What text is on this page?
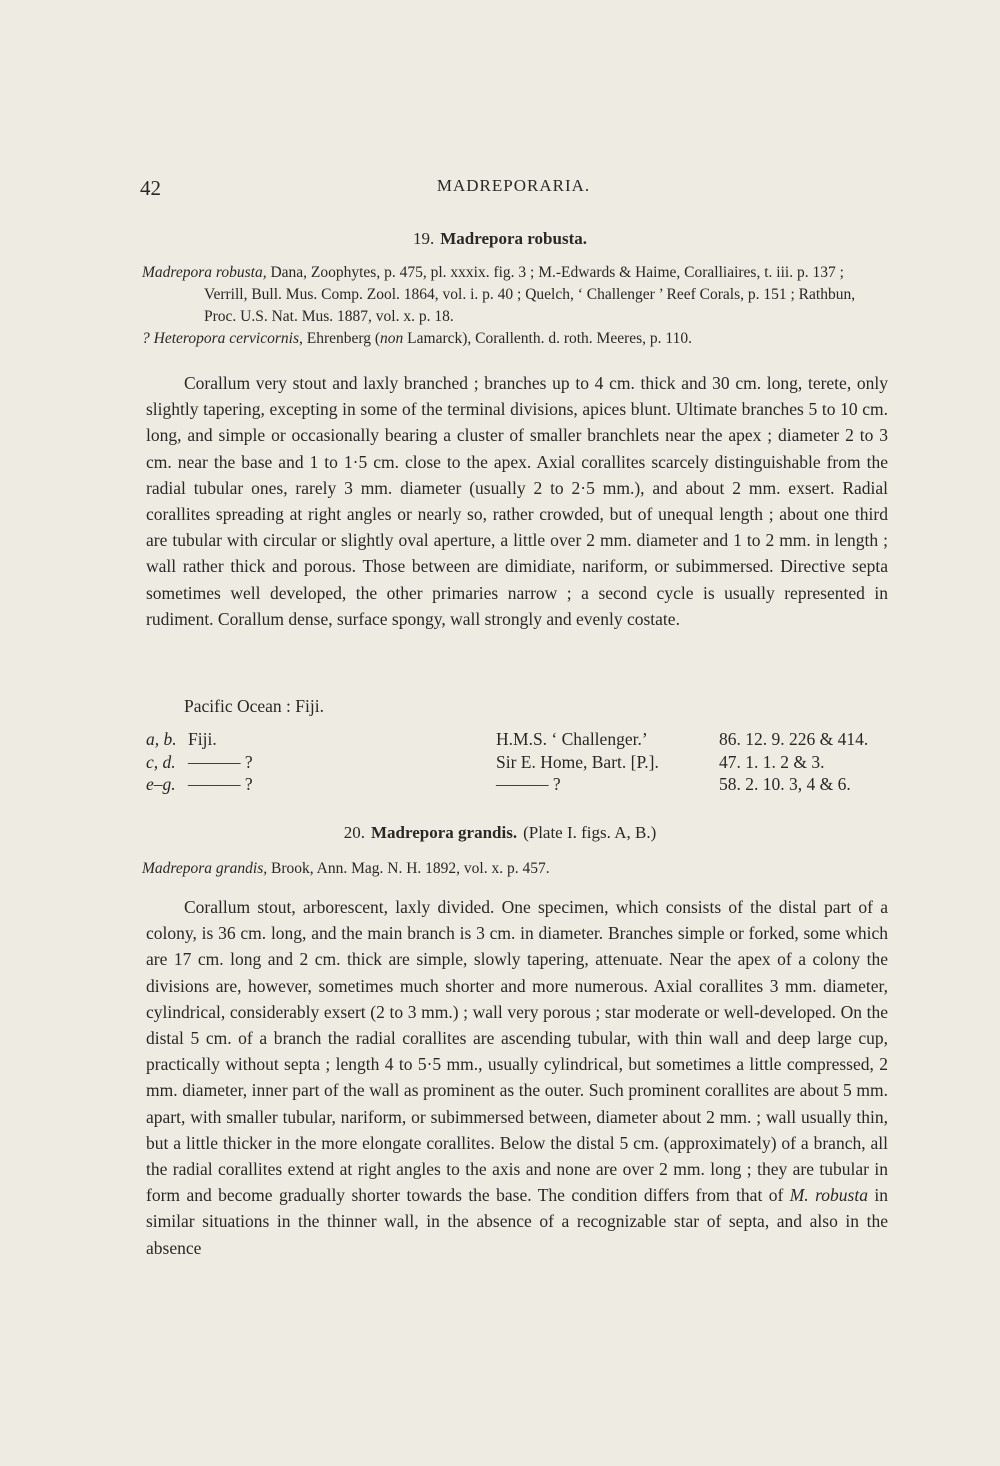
42	MADREPORARIA.
19. Madrepora robusta.

Madrepora robusta, Dana, Zoophytes, p. 475, pl. xxxix. fig. 3 ; M.-Edwards & Haime, Coralliaires, t. iii. p. 137 ; Verrill, Bull. Mus. Comp. Zool. 1864, vol. i. p. 40 ; Quelch, ‘ Challenger ’ Reef Corals, p. 151 ; Rathbun, Proc. U.S. Nat. Mus. 1887, vol. x. p. 18.

? Heteropora cervicornis, Ehrenberg (non Lamarck), Corallenth. d. roth. Meeres, p. 110.

Corallum very stout and laxly branched ; branches up to 4 cm. thick and 30 cm. long, terete, only slightly tapering, excepting in some of the terminal divisions, apices blunt. Ultimate branches 5 to 10 cm. long, and simple or occasionally bearing a cluster of smaller branchlets near the apex ; diameter 2 to 3 cm. near the base and 1 to 1·5 cm. close to the apex. Axial corallites scarcely distinguishable from the radial tubular ones, rarely 3 mm. diameter (usually 2 to 2·5 mm.), and about 2 mm. exsert. Radial corallites spreading at right angles or nearly so, rather crowded, but of unequal length ; about one third are tubular with circular or slightly oval aperture, a little over 2 mm. diameter and 1 to 2 mm. in length ; wall rather thick and porous. Those between are dimidiate, nariform, or subimmersed. Directive septa sometimes well developed, the other primaries narrow ; a second cycle is usually represented in rudiment. Corallum dense, surface spongy, wall strongly and evenly costate.

Pacific Ocean : Fiji.
a, b. Fiji.	H.M.S. ‘ Challenger.’	86. 12. 9. 226 & 414.
c, d. ——— ?	Sir E. Home, Bart. [P.].	47. 1. 1. 2 & 3.
e–g. ——— ?	——— ?	58. 2. 10. 3, 4 & 6.
20. Madrepora grandis. (Plate I. figs. A, B.)

Madrepora grandis, Brook, Ann. Mag. N. H. 1892, vol. x. p. 457.

Corallum stout, arborescent, laxly divided. One specimen, which consists of the distal part of a colony, is 36 cm. long, and the main branch is 3 cm. in diameter. Branches simple or forked, some which are 17 cm. long and 2 cm. thick are simple, slowly tapering, attenuate. Near the apex of a colony the divisions are, however, sometimes much shorter and more numerous. Axial corallites 3 mm. diameter, cylindrical, considerably exsert (2 to 3 mm.) ; wall very porous ; star moderate or well-developed. On the distal 5 cm. of a branch the radial corallites are ascending tubular, with thin wall and deep large cup, practically without septa ; length 4 to 5·5 mm., usually cylindrical, but sometimes a little compressed, 2 mm. diameter, inner part of the wall as prominent as the outer. Such prominent corallites are about 5 mm. apart, with smaller tubular, nariform, or subimmersed between, diameter about 2 mm. ; wall usually thin, but a little thicker in the more elongate corallites. Below the distal 5 cm. (approximately) of a branch, all the radial corallites extend at right angles to the axis and none are over 2 mm. long ; they are tubular in form and become gradually shorter towards the base. The condition differs from that of M. robusta in similar situations in the thinner wall, in the absence of a recognizable star of septa, and also in the absence
